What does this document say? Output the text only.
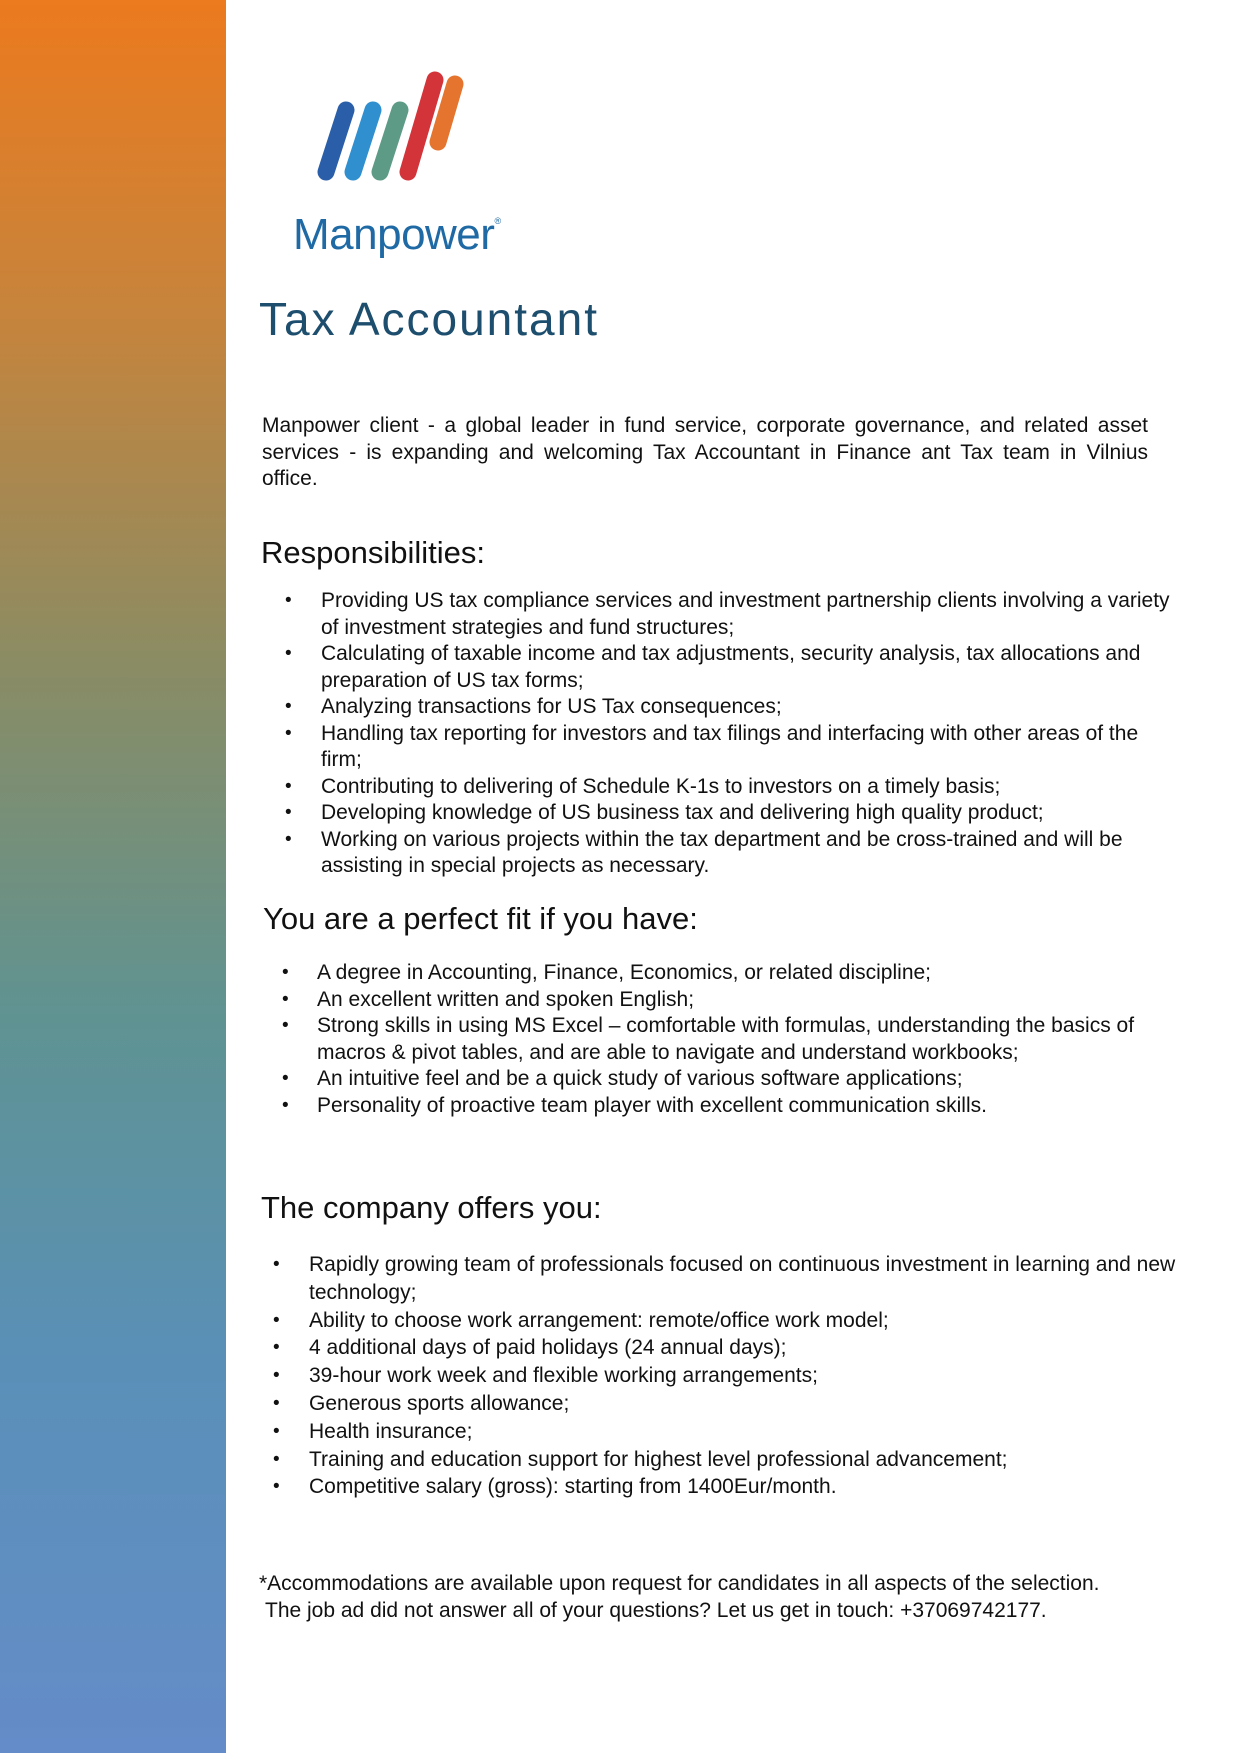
Manpower®
Tax Accountant

Manpower client - a global leader in fund service, corporate governance, and related asset services - is expanding and welcoming Tax Accountant in Finance ant Tax team in Vilnius office.

Responsibilities:
• Providing US tax compliance services and investment partnership clients involving a variety of investment strategies and fund structures;
• Calculating of taxable income and tax adjustments, security analysis, tax allocations and preparation of US tax forms;
• Analyzing transactions for US Tax consequences;
• Handling tax reporting for investors and tax filings and interfacing with other areas of the firm;
• Contributing to delivering of Schedule K-1s to investors on a timely basis;
• Developing knowledge of US business tax and delivering high quality product;
• Working on various projects within the tax department and be cross-trained and will be assisting in special projects as necessary.
You are a perfect fit if you have:
• A degree in Accounting, Finance, Economics, or related discipline;
• An excellent written and spoken English;
• Strong skills in using MS Excel – comfortable with formulas, understanding the basics of macros & pivot tables, and are able to navigate and understand workbooks;
• An intuitive feel and be a quick study of various software applications;
• Personality of proactive team player with excellent communication skills.
The company offers you:
• Rapidly growing team of professionals focused on continuous investment in learning and new technology;
• Ability to choose work arrangement: remote/office work model;
• 4 additional days of paid holidays (24 annual days);
• 39-hour work week and flexible working arrangements;
• Generous sports allowance;
• Health insurance;
• Training and education support for highest level professional advancement;
• Competitive salary (gross): starting from 1400Eur/month.
*Accommodations are available upon request for candidates in all aspects of the selection.
The job ad did not answer all of your questions? Let us get in touch: +37069742177.
